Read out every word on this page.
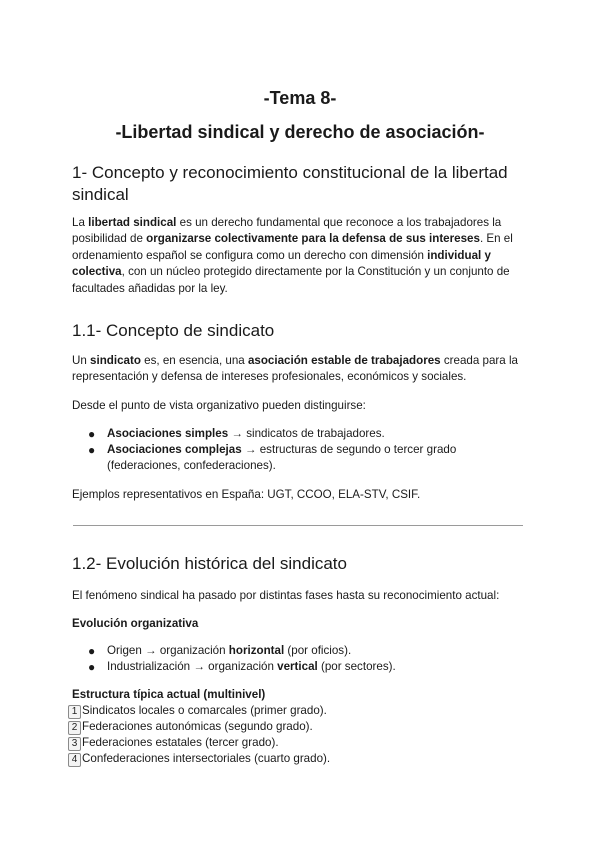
-Tema 8-
-Libertad sindical y derecho de asociación-
1- Concepto y reconocimiento constitucional de la libertad
sindical
La libertad sindical es un derecho fundamental que reconoce a los trabajadores la posibilidad de organizarse colectivamente para la defensa de sus intereses. En el ordenamiento español se configura como un derecho con dimensión individual y colectiva, con un núcleo protegido directamente por la Constitución y un conjunto de facultades añadidas por la ley.
1.1- Concepto de sindicato
Un sindicato es, en esencia, una asociación estable de trabajadores creada para la representación y defensa de intereses profesionales, económicos y sociales.
Desde el punto de vista organizativo pueden distinguirse:
● Asociaciones simples → sindicatos de trabajadores.
● Asociaciones complejas → estructuras de segundo o tercer grado (federaciones, confederaciones).
Ejemplos representativos en España: UGT, CCOO, ELA-STV, CSIF.
1.2- Evolución histórica del sindicato
El fenómeno sindical ha pasado por distintas fases hasta su reconocimiento actual:
Evolución organizativa
● Origen → organización horizontal (por oficios).
● Industrialización → organización vertical (por sectores).
Estructura típica actual (multinivel)
1 Sindicatos locales o comarcales (primer grado).
2 Federaciones autonómicas (segundo grado).
3 Federaciones estatales (tercer grado).
4 Confederaciones intersectoriales (cuarto grado).
